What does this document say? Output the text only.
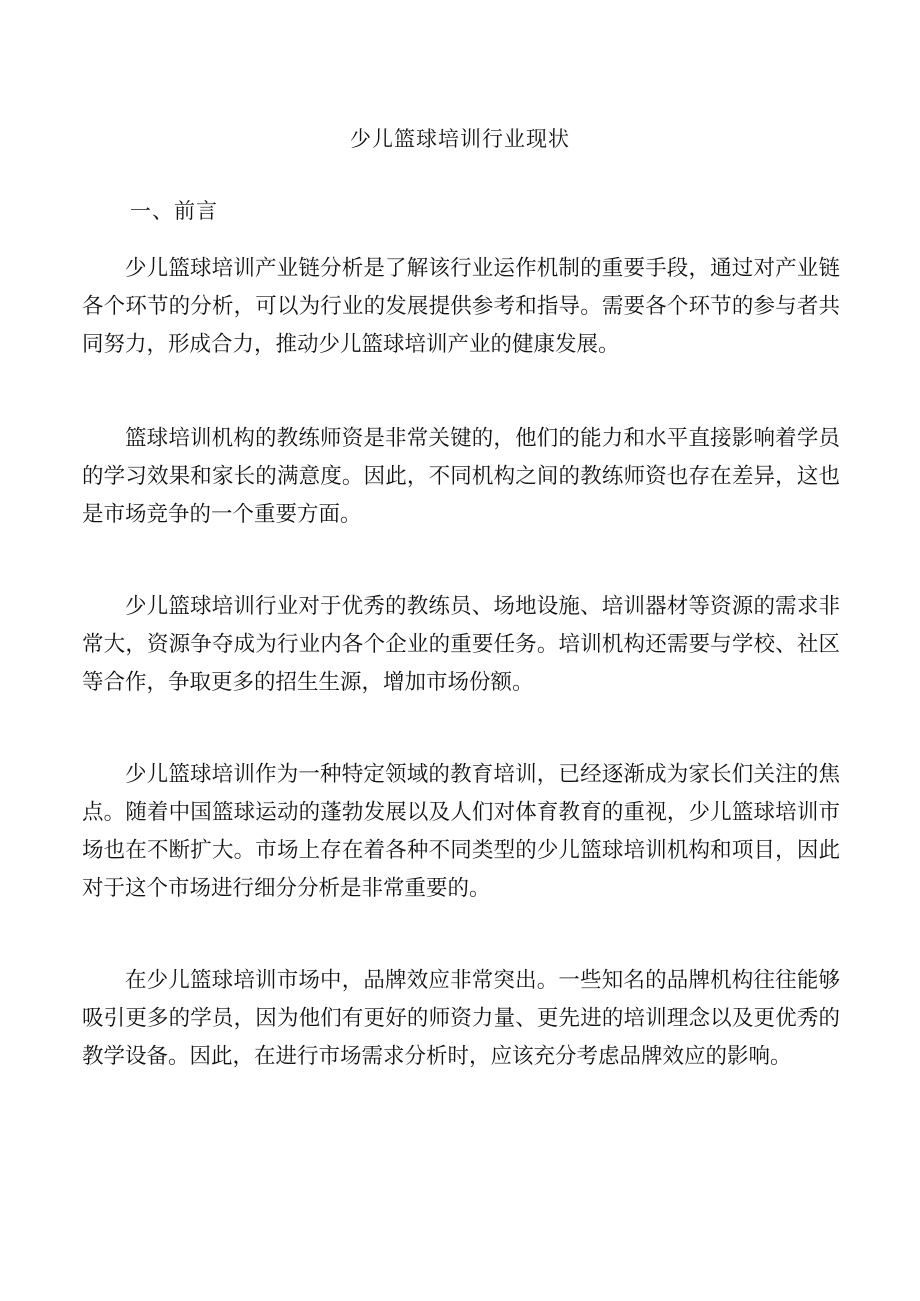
少儿篮球培训行业现状
一、前言

少儿篮球培训产业链分析是了解该行业运作机制的重要手段，通过对产业链各个环节的分析，可以为行业的发展提供参考和指导。需要各个环节的参与者共同努力，形成合力，推动少儿篮球培训产业的健康发展。

篮球培训机构的教练师资是非常关键的，他们的能力和水平直接影响着学员的学习效果和家长的满意度。因此，不同机构之间的教练师资也存在差异，这也是市场竞争的一个重要方面。

少儿篮球培训行业对于优秀的教练员、场地设施、培训器材等资源的需求非常大，资源争夺成为行业内各个企业的重要任务。培训机构还需要与学校、社区等合作，争取更多的招生生源，增加市场份额。

少儿篮球培训作为一种特定领域的教育培训，已经逐渐成为家长们关注的焦点。随着中国篮球运动的蓬勃发展以及人们对体育教育的重视，少儿篮球培训市场也在不断扩大。市场上存在着各种不同类型的少儿篮球培训机构和项目，因此对于这个市场进行细分分析是非常重要的。

在少儿篮球培训市场中，品牌效应非常突出。一些知名的品牌机构往往能够吸引更多的学员，因为他们有更好的师资力量、更先进的培训理念以及更优秀的教学设备。因此，在进行市场需求分析时，应该充分考虑品牌效应的影响。
